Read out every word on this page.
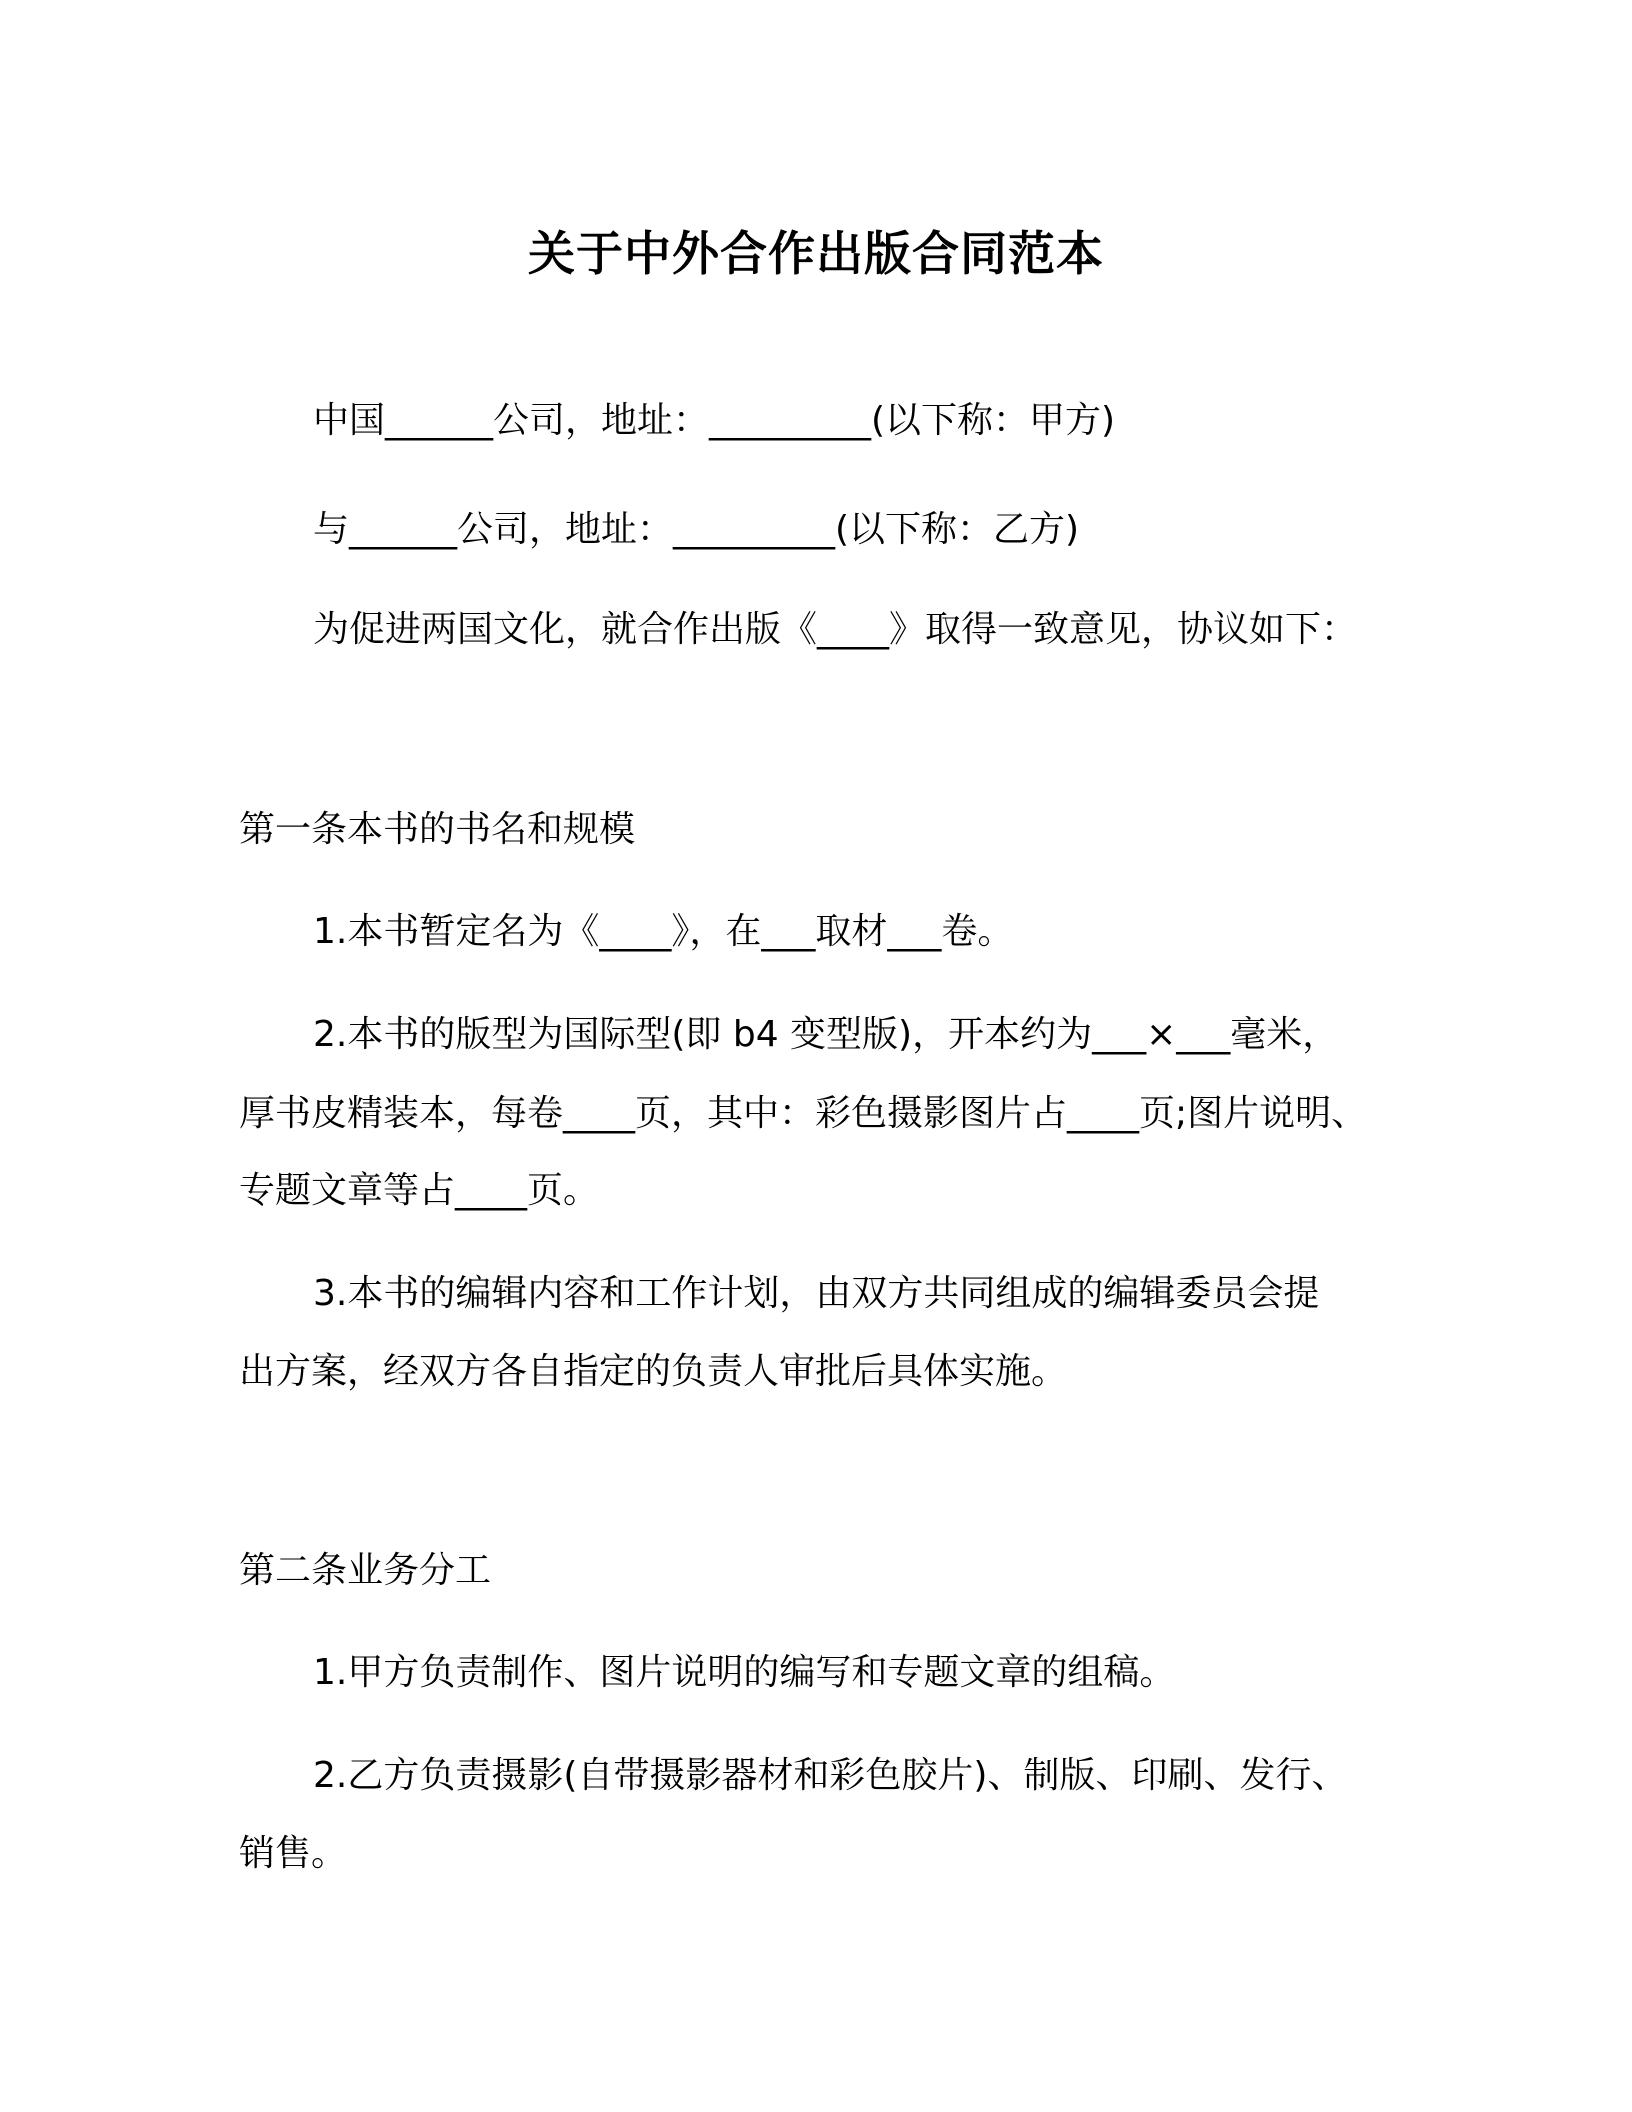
关于中外合作出版合同范本
中国______公司，地址：_________(以下称：甲方)
与______公司，地址：_________(以下称：乙方)
为促进两国文化，就合作出版《____》取得一致意见，协议如下：
第一条本书的书名和规模
1.本书暂定名为《____》，在___取材___卷。
2.本书的版型为国际型(即 b4 变型版)，开本约为___×___毫米，
厚书皮精装本，每卷____页，其中：彩色摄影图片占____页;图片说明、
专题文章等占____页。
3.本书的编辑内容和工作计划，由双方共同组成的编辑委员会提
出方案，经双方各自指定的负责人审批后具体实施。
第二条业务分工
1.甲方负责制作、图片说明的编写和专题文章的组稿。
2.乙方负责摄影(自带摄影器材和彩色胶片)、制版、印刷、发行、
销售。
